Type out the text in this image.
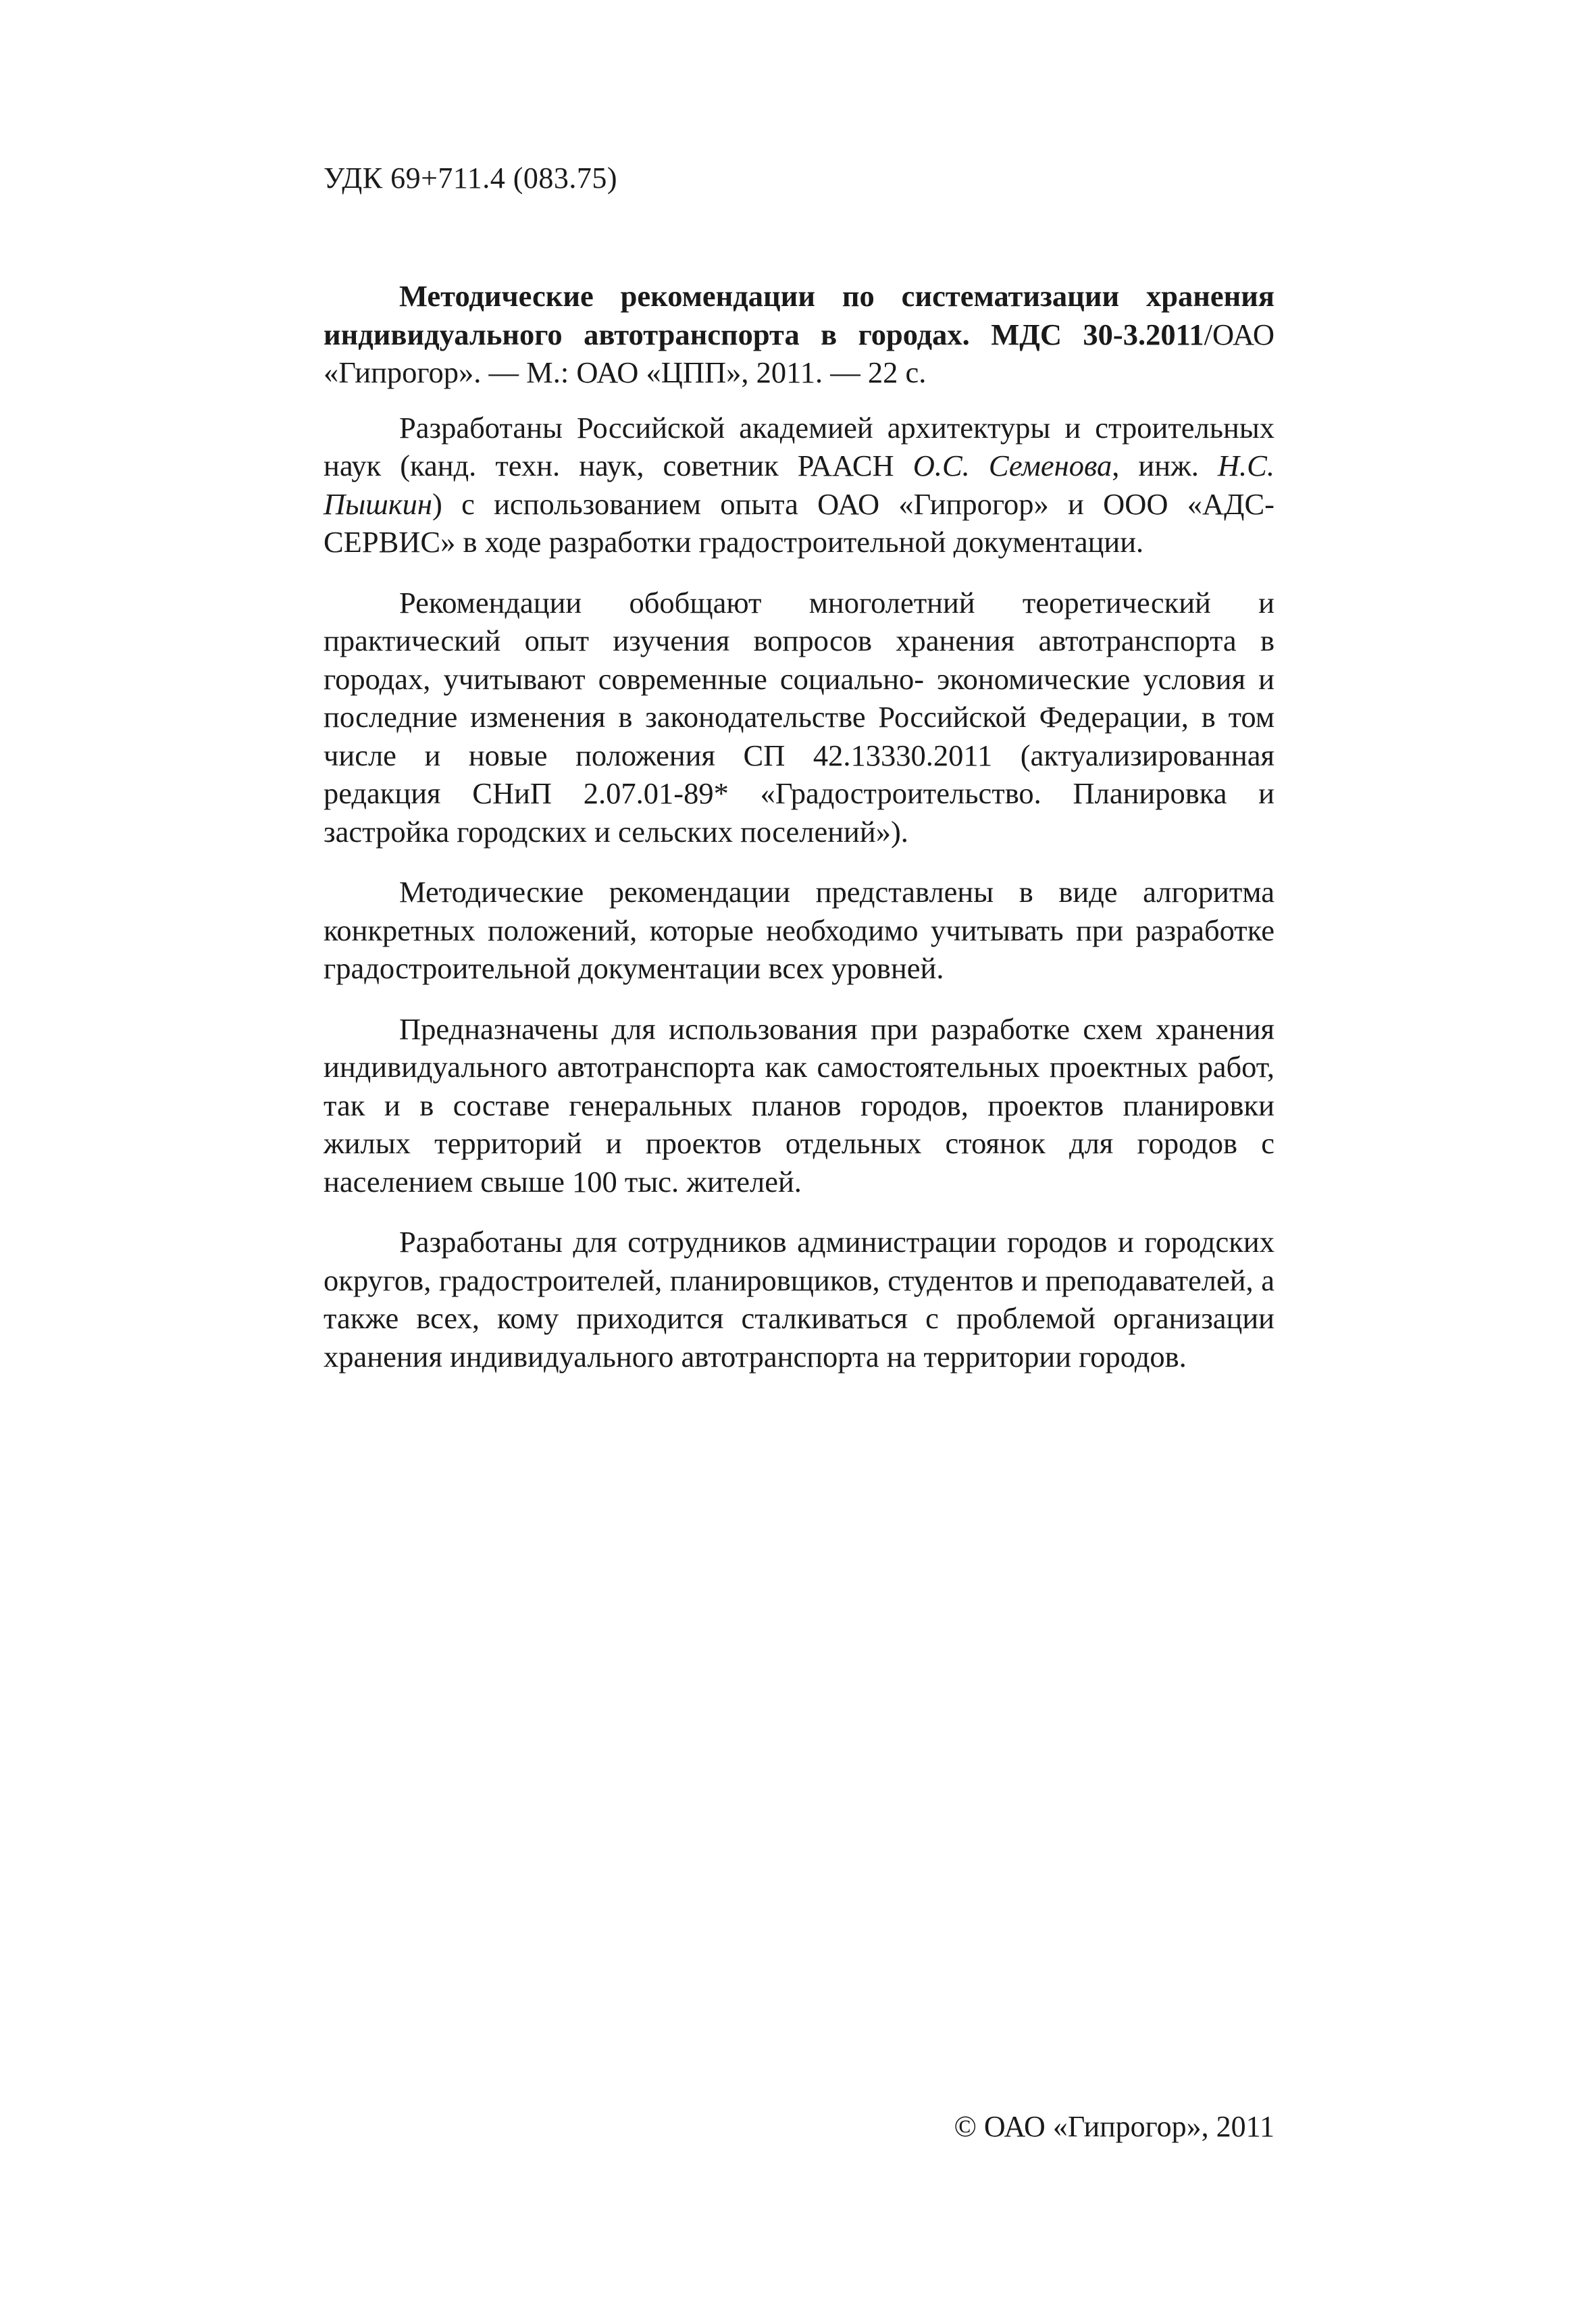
УДК 69+711.4 (083.75)

Методические рекомендации по систематизации хранения индивидуального автотранспорта в городах. МДС 30-3.2011/ОАО «Гипрогор». — М.: ОАО «ЦПП», 2011. — 22 с.

Разработаны Российской академией архитектуры и строительных наук (канд. техн. наук, советник РААСН О.С. Семенова, инж. Н.С. Пышкин) с использованием опыта ОАО «Гипрогор» и ООО «АДС-СЕРВИС» в ходе разработки градостроительной документации.

Рекомендации обобщают многолетний теоретический и практический опыт изучения вопросов хранения автотранспорта в городах, учитывают современные социально- экономические условия и последние изменения в законодательстве Российской Федерации, в том числе и новые положения СП 42.13330.2011 (актуализированная редакция СНиП 2.07.01-89* «Градостроительство. Планировка и застройка городских и сельских поселений»).

Методические рекомендации представлены в виде алгоритма конкретных положений, которые необходимо учитывать при разработке градостроительной документации всех уровней.

Предназначены для использования при разработке схем хранения индивидуального автотранспорта как самостоятельных проектных работ, так и в составе генеральных планов городов, проектов планировки жилых территорий и проектов отдельных стоянок для городов с населением свыше 100 тыс. жителей.

Разработаны для сотрудников администрации городов и городских округов, градостроителей, планировщиков, студентов и преподавателей, а также всех, кому приходится сталкиваться с проблемой организации хранения индивидуального автотранспорта на территории городов.

© ОАО «Гипрогор», 2011
